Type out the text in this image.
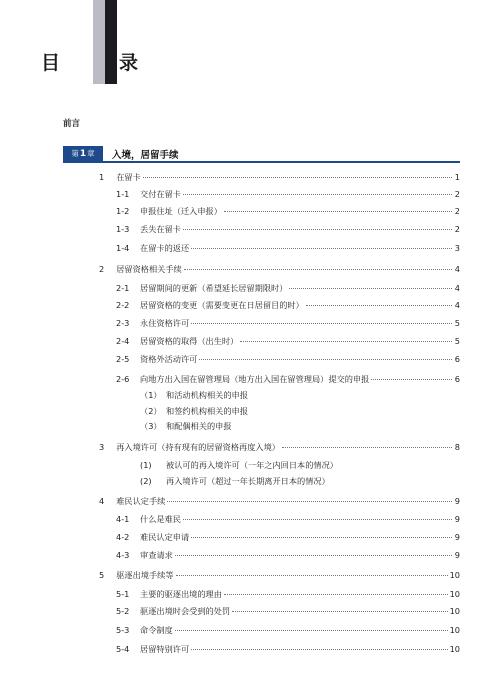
目　录
前言
第 1 章 入境，居留手续
1 在留卡	1
1-1	交付在留卡	2
1-2	申报住址（迁入申报）	2
1-3	丢失在留卡	2
1-4	在留卡的返还	3
2 居留资格相关手续	4
2-1	居留期间的更新（希望延长居留期限时）	4
2-2	居留资格的变更（需要变更在日居留目的时）	4
2-3	永住资格许可	5
2-4	居留资格的取得（出生时）	5
2-5	资格外活动许可	6
2-6	向地方出入国在留管理局（地方出入国在留管理局）提交的申报	6
（1） 和活动机构相关的申报
（2） 和签约机构相关的申报
（3） 和配偶相关的申报
3 再入境许可（持有现有的居留资格再度入境）	8
(1) 被认可的再入境许可（一年之内回日本的情况）
(2) 再入境许可（超过一年长期离开日本的情况）
4 难民认定手续	9
4-1	什么是难民	9
4-2	难民认定申请	9
4-3	审查请求	9
5 驱逐出境手续等	10
5-1	主要的驱逐出境的理由	10
5-2	驱逐出境时会受到的处罚	10
5-3	命令制度	10
5-4	居留特别许可	10
